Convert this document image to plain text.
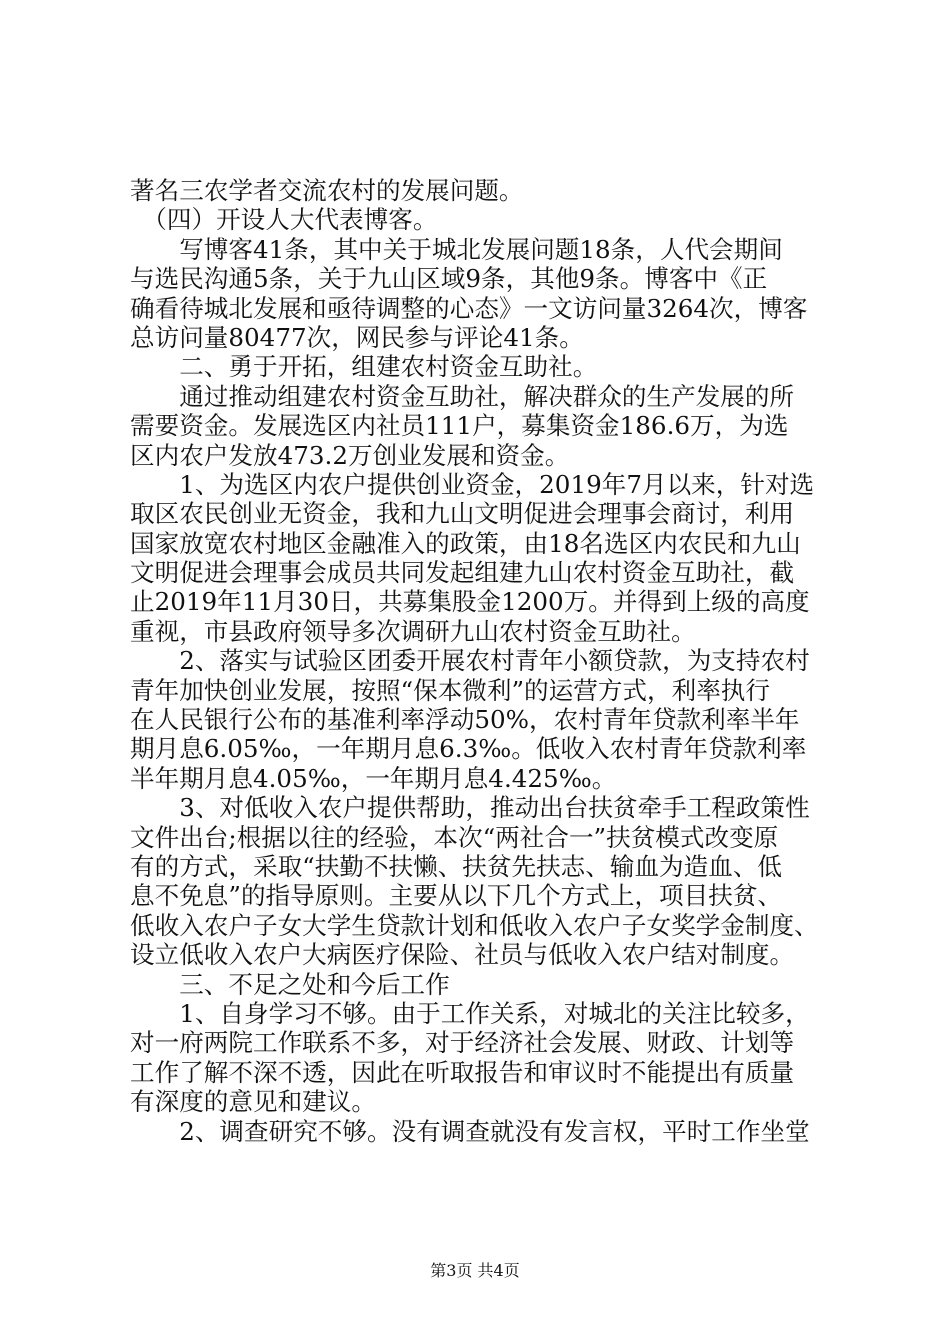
著名三农学者交流农村的发展问题。
　（四）开设人大代表博客。
　　写博客41条，其中关于城北发展问题18条，人代会期间
与选民沟通5条，关于九山区域9条，其他9条。博客中《正
确看待城北发展和亟待调整的心态》一文访问量3264次，博客
总访问量80477次，网民参与评论41条。
　　二、勇于开拓，组建农村资金互助社。
　　通过推动组建农村资金互助社，解决群众的生产发展的所
需要资金。发展选区内社员111户，募集资金186.6万，为选
区内农户发放473.2万创业发展和资金。
　　1、为选区内农户提供创业资金，2019年7月以来，针对选
取区农民创业无资金，我和九山文明促进会理事会商讨，利用
国家放宽农村地区金融准入的政策，由18名选区内农民和九山
文明促进会理事会成员共同发起组建九山农村资金互助社，截
止2019年11月30日，共募集股金1200万。并得到上级的高度
重视，市县政府领导多次调研九山农村资金互助社。
　　2、落实与试验区团委开展农村青年小额贷款，为支持农村
青年加快创业发展，按照“保本微利”的运营方式，利率执行
在人民银行公布的基准利率浮动50%，农村青年贷款利率半年
期月息6.05‰，一年期月息6.3‰。低收入农村青年贷款利率
半年期月息4.05‰，一年期月息4.425‰。
　　3、对低收入农户提供帮助，推动出台扶贫牵手工程政策性
文件出台;根据以往的经验，本次“两社合一”扶贫模式改变原
有的方式，采取“扶勤不扶懒、扶贫先扶志、输血为造血、低
息不免息”的指导原则。主要从以下几个方式上，项目扶贫、
低收入农户子女大学生贷款计划和低收入农户子女奖学金制度、
设立低收入农户大病医疗保险、社员与低收入农户结对制度。
　　三、不足之处和今后工作
　　1、自身学习不够。由于工作关系，对城北的关注比较多，
对一府两院工作联系不多，对于经济社会发展、财政、计划等
工作了解不深不透，因此在听取报告和审议时不能提出有质量
有深度的意见和建议。
　　2、调查研究不够。没有调查就没有发言权，平时工作坐堂
第3页 共4页
